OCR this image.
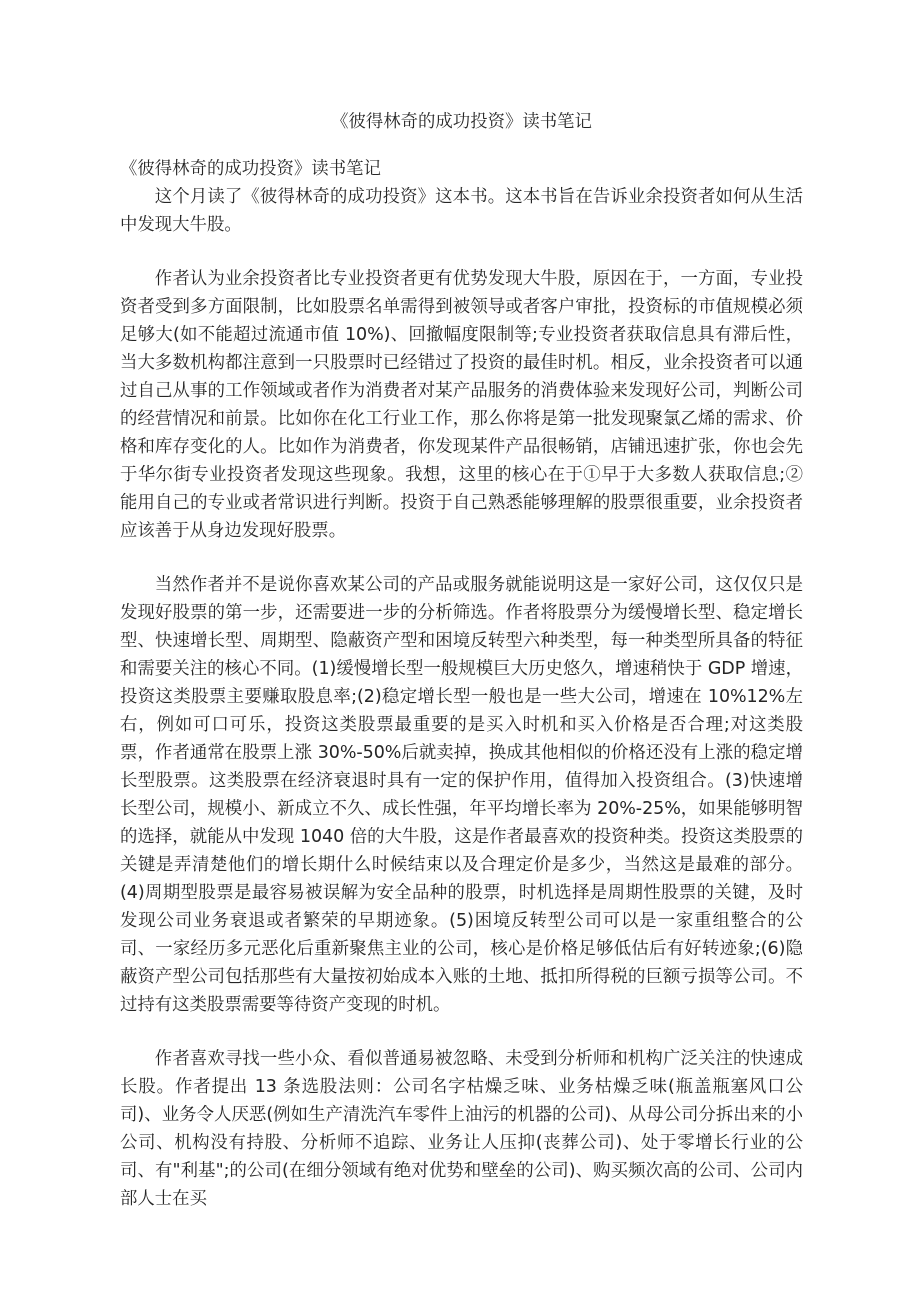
《彼得林奇的成功投资》读书笔记

《彼得林奇的成功投资》读书笔记

这个月读了《彼得林奇的成功投资》这本书。这本书旨在告诉业余投资者如何从生活中发现大牛股。

作者认为业余投资者比专业投资者更有优势发现大牛股，原因在于，一方面，专业投资者受到多方面限制，比如股票名单需得到被领导或者客户审批，投资标的市值规模必须足够大(如不能超过流通市值 10%)、回撤幅度限制等;专业投资者获取信息具有滞后性，当大多数机构都注意到一只股票时已经错过了投资的最佳时机。相反，业余投资者可以通过自己从事的工作领域或者作为消费者对某产品服务的消费体验来发现好公司，判断公司的经营情况和前景。比如你在化工行业工作，那么你将是第一批发现聚氯乙烯的需求、价格和库存变化的人。比如作为消费者，你发现某件产品很畅销，店铺迅速扩张，你也会先于华尔街专业投资者发现这些现象。我想，这里的核心在于①早于大多数人获取信息;②能用自己的专业或者常识进行判断。投资于自己熟悉能够理解的股票很重要，业余投资者应该善于从身边发现好股票。

当然作者并不是说你喜欢某公司的产品或服务就能说明这是一家好公司，这仅仅只是发现好股票的第一步，还需要进一步的分析筛选。作者将股票分为缓慢增长型、稳定增长型、快速增长型、周期型、隐蔽资产型和困境反转型六种类型，每一种类型所具备的特征和需要关注的核心不同。(1)缓慢增长型一般规模巨大历史悠久，增速稍快于 GDP 增速，投资这类股票主要赚取股息率;(2)稳定增长型一般也是一些大公司，增速在 10%12%左右，例如可口可乐，投资这类股票最重要的是买入时机和买入价格是否合理;对这类股票，作者通常在股票上涨 30%-50%后就卖掉，换成其他相似的价格还没有上涨的稳定增长型股票。这类股票在经济衰退时具有一定的保护作用，值得加入投资组合。(3)快速增长型公司，规模小、新成立不久、成长性强，年平均增长率为 20%-25%，如果能够明智的选择，就能从中发现 1040 倍的大牛股，这是作者最喜欢的投资种类。投资这类股票的关键是弄清楚他们的增长期什么时候结束以及合理定价是多少，当然这是最难的部分。(4)周期型股票是最容易被误解为安全品种的股票，时机选择是周期性股票的关键，及时发现公司业务衰退或者繁荣的早期迹象。(5)困境反转型公司可以是一家重组整合的公司、一家经历多元恶化后重新聚焦主业的公司，核心是价格足够低估后有好转迹象;(6)隐蔽资产型公司包括那些有大量按初始成本入账的土地、抵扣所得税的巨额亏损等公司。不过持有这类股票需要等待资产变现的时机。

作者喜欢寻找一些小众、看似普通易被忽略、未受到分析师和机构广泛关注的快速成长股。作者提出 13 条选股法则：公司名字枯燥乏味、业务枯燥乏味(瓶盖瓶塞风口公司)、业务令人厌恶(例如生产清洗汽车零件上油污的机器的公司)、从母公司分拆出来的小公司、机构没有持股、分析师不追踪、业务让人压抑(丧葬公司)、处于零增长行业的公司、有"利基";的公司(在细分领域有绝对优势和壁垒的公司)、购买频次高的公司、公司内部人士在买
